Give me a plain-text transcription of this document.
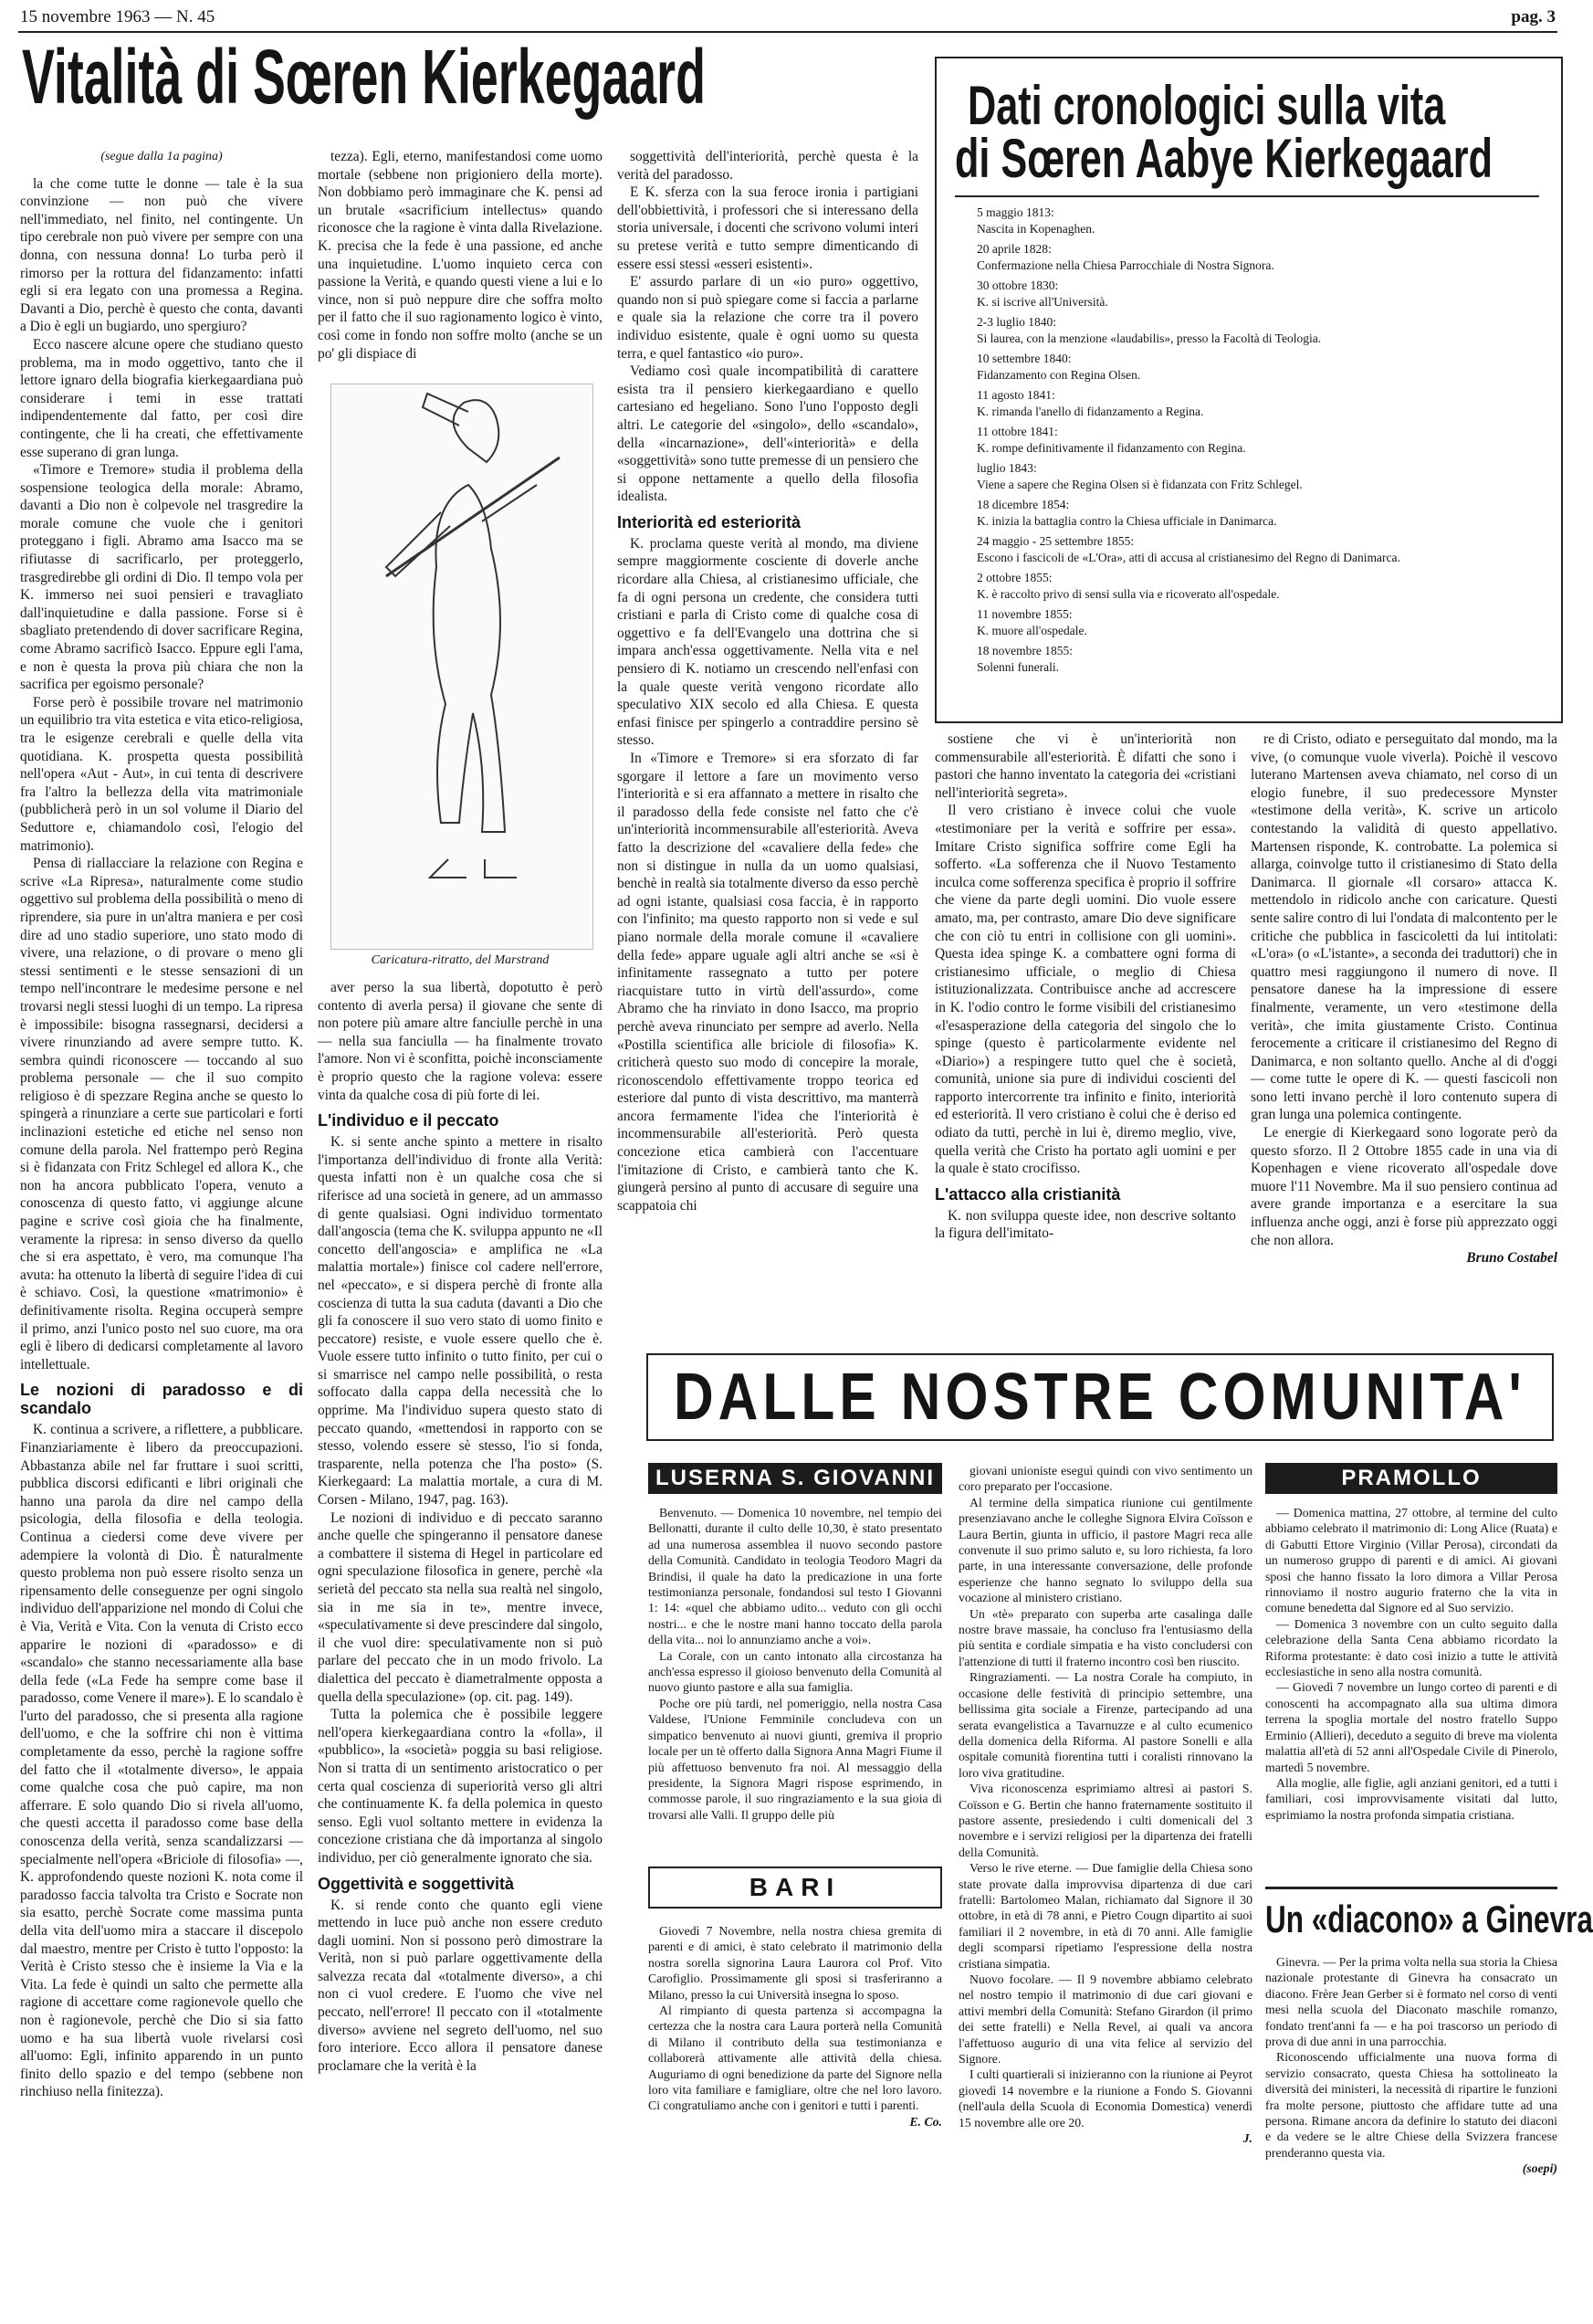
15 novembre 1963 — N. 45	pag. 3
Vitalità di Sœren Kierkegaard	Dati cronologici sulla vita
di Sœren Aabye Kierkegaard
5 maggio 1813:
Nascita in Kopenaghen.
20 aprile 1828:
Confermazione nella Chiesa Parrocchiale di Nostra Signora.
30 ottobre 1830:
K. si iscrive all'Università.
2-3 luglio 1840:
Si laurea, con la menzione «laudabilis», presso la Facoltà di Teologia.
10 settembre 1840:
Fidanzamento con Regina Olsen.
11 agosto 1841:
K. rimanda l'anello di fidanzamento a Regina.
11 ottobre 1841:
K. rompe definitivamente il fidanzamento con Regina.
luglio 1843:
Viene a sapere che Regina Olsen si è fidanzata con Fritz Schlegel.
18 dicembre 1854:
K. inizia la battaglia contro la Chiesa ufficiale in Danimarca.
24 maggio - 25 settembre 1855:
Escono i fascicoli de «L'Ora», atti di accusa al cristianesimo del Regno di Danimarca.
2 ottobre 1855:
K. è raccolto privo di sensi sulla via e ricoverato all'ospedale.
11 novembre 1855:
K. muore all'ospedale.
18 novembre 1855:
Solenni funerali.
(segue dalla 1a pagina)

la che come tutte le donne — tale è la sua convinzione — non può che vivere nell'immediato, nel finito, nel contingente. Un tipo cerebrale non può vivere per sempre con una donna, con nessuna donna! Lo turba però il rimorso per la rottura del fidanzamento: infatti egli si era legato con una promessa a Regina. Davanti a Dio, perchè è questo che conta, davanti a Dio è egli un bugiardo, uno spergiuro?

Ecco nascere alcune opere che studiano questo problema, ma in modo oggettivo, tanto che il lettore ignaro della biografia kierkegaardiana può considerare i temi in esse trattati indipendentemente dal fatto, per così dire contingente, che li ha creati, che effettivamente esse superano di gran lunga.

«Timore e Tremore» studia il problema della sospensione teologica della morale: Abramo, davanti a Dio non è colpevole nel trasgredire la morale comune che vuole che i genitori proteggano i figli. Abramo ama Isacco ma se rifiutasse di sacrificarlo, per proteggerlo, trasgredirebbe gli ordini di Dio. Il tempo vola per K. immerso nei suoi pensieri e travagliato dall'inquietudine e dalla passione. Forse si è sbagliato pretendendo di dover sacrificare Regina, come Abramo sacrificò Isacco. Eppure egli l'ama, e non è questa la prova più chiara che non la sacrifica per egoismo personale?

Forse però è possibile trovare nel matrimonio un equilibrio tra vita estetica e vita etico-religiosa, tra le esigenze cerebrali e quelle della vita quotidiana. K. prospetta questa possibilità nell'opera «Aut - Aut», in cui tenta di descrivere fra l'altro la bellezza della vita matrimoniale (pubblicherà però in un sol volume il Diario del Seduttore e, chiamandolo così, l'elogio del matrimonio).

Pensa di riallacciare la relazione con Regina e scrive «La Ripresa», naturalmente come studio oggettivo sul problema della possibilità o meno di riprendere, sia pure in un'altra maniera e per così dire ad uno stadio superiore, uno stato modo di vivere, una relazione, o di provare o meno gli stessi sentimenti e le stesse sensazioni di un tempo nell'incontrare le medesime persone e nel trovarsi negli stessi luoghi di un tempo. La ripresa è impossibile: bisogna rassegnarsi, decidersi a vivere rinunziando ad avere sempre tutto. K. sembra quindi riconoscere — toccando al suo problema personale — che il suo compito religioso è di spezzare Regina anche se questo lo spingerà a rinunziare a certe sue particolari e forti inclinazioni estetiche ed etiche nel senso non comune della parola. Nel frattempo però Regina si è fidanzata con Fritz Schlegel ed allora K., che non ha ancora pubblicato l'opera, venuto a conoscenza di questo fatto, vi aggiunge alcune pagine e scrive così gioia che ha finalmente, veramente la ripresa: in senso diverso da quello che si era aspettato, è vero, ma comunque l'ha avuta: ha ottenuto la libertà di seguire l'idea di cui è schiavo. Così, la questione «matrimonio» è definitivamente risolta. Regina occuperà sempre il primo, anzi l'unico posto nel suo cuore, ma ora egli è libero di dedicarsi completamente al lavoro intellettuale.

Le nozioni di paradosso e di scandalo

K. continua a scrivere, a riflettere, a pubblicare. Finanziariamente è libero da preoccupazioni. Abbastanza abile nel far fruttare i suoi scritti, pubblica discorsi edificanti e libri originali che hanno una parola da dire nel campo della psicologia, della filosofia e della teologia. Continua a ciedersi come deve vivere per adempiere la volontà di Dio. È naturalmente questo problema non può essere risolto senza un ripensamento delle conseguenze per ogni singolo individuo dell'apparizione nel mondo di Colui che è Via, Verità e Vita. Con la venuta di Cristo ecco apparire le nozioni di «paradosso» e di «scandalo» che stanno necessariamente alla base della fede («La Fede ha sempre come base il paradosso, come Venere il mare»). E lo scandalo è l'urto del paradosso, che si presenta alla ragione dell'uomo, e che la soffrire chi non è vittima completamente da esso, perchè la ragione soffre del fatto che il «totalmente diverso», le appaia come qualche cosa che può capire, ma non afferrare. E solo quando Dio si rivela all'uomo, che questi accetta il paradosso come base della conoscenza della verità, senza scandalizzarsi — specialmente nell'opera «Briciole di filosofia» —, K. approfondendo queste nozioni K. nota come il paradosso faccia talvolta tra Cristo e Socrate non sia esatto, perchè Socrate come massima punta della vita dell'uomo mira a staccare il discepolo dal maestro, mentre per Cristo è tutto l'opposto: la Verità è Cristo stesso che è insieme la Via e la Vita. La fede è quindi un salto che permette alla ragione di accettare come ragionevole quello che non è ragionevole, perchè che Dio si sia fatto uomo e ha sua libertà vuole rivelarsi così all'uomo: Egli, infinito apparendo in un punto finito dello spazio e del tempo (sebbene non rinchiuso nella finitezza).

tezza). Egli, eterno, manifestandosi come uomo mortale (sebbene non prigioniero della morte). Non dobbiamo però immaginare che K. pensi ad un brutale «sacrificium intellectus» quando riconosce che la ragione è vinta dalla Rivelazione. K. precisa che la fede è una passione, ed anche una inquietudine. L'uomo inquieto cerca con passione la Verità, e quando questi viene a lui e lo vince, non si può neppure dire che soffra molto per il fatto che il suo ragionamento logico è vinto, così come in fondo non soffre molto (anche se un po' gli dispiace di

Caricatura-ritratto, del Marstrand

aver perso la sua libertà, dopotutto è però contento di averla persa) il giovane che sente di non potere più amare altre fanciulle perchè in una — nella sua fanciulla — ha finalmente trovato l'amore. Non vi è sconfitta, poichè inconsciamente è proprio questo che la ragione voleva: essere vinta da qualche cosa di più forte di lei.

L'individuo e il peccato

K. si sente anche spinto a mettere in risalto l'importanza dell'individuo di fronte alla Verità: questa infatti non è un qualche cosa che si riferisce ad una società in genere, ad un ammasso di gente qualsiasi. Ogni individuo tormentato dall'angoscia (tema che K. sviluppa appunto ne «Il concetto dell'angoscia» e amplifica ne «La malattia mortale») finisce col cadere nell'errore, nel «peccato», e si dispera perchè di fronte alla coscienza di tutta la sua caduta (davanti a Dio che gli fa conoscere il suo vero stato di uomo finito e peccatore) resiste, e vuole essere quello che è. Vuole essere tutto infinito o tutto finito, per cui o si smarrisce nel campo nelle possibilità, o resta soffocato dalla cappa della necessità che lo opprime. Ma l'individuo supera questo stato di peccato quando, «mettendosi in rapporto con se stesso, volendo essere sè stesso, l'io si fonda, trasparente, nella potenza che l'ha posto» (S. Kierkegaard: La malattia mortale, a cura di M. Corsen - Milano, 1947, pag. 163).

Le nozioni di individuo e di peccato saranno anche quelle che spingeranno il pensatore danese a combattere il sistema di Hegel in particolare ed ogni speculazione filosofica in genere, perchè «la serietà del peccato sta nella sua realtà nel singolo, sia in me sia in te», mentre invece, «speculativamente si deve prescindere dal singolo, il che vuol dire: speculativamente non si può parlare del peccato che in un modo frivolo. La dialettica del peccato è diametralmente opposta a quella della speculazione» (op. cit. pag. 149).

Tutta la polemica che è possibile leggere nell'opera kierkegaardiana contro la «folla», il «pubblico», la «società» poggia su basi religiose. Non si tratta di un sentimento aristocratico o per certa qual coscienza di superiorità verso gli altri che continuamente K. fa della polemica in questo senso. Egli vuol soltanto mettere in evidenza la concezione cristiana che dà importanza al singolo individuo, per ciò generalmente ignorato che sia.

Oggettività e soggettività

K. si rende conto che quanto egli viene mettendo in luce può anche non essere creduto dagli uomini. Non si possono però dimostrare la Verità, non si può parlare oggettivamente della salvezza recata dal «totalmente diverso», a chi non ci vuol credere. E l'uomo che vive nel peccato, nell'errore! Il peccato con il «totalmente diverso» avviene nel segreto dell'uomo, nel suo foro interiore. Ecco allora il pensatore danese proclamare che la verità è la

soggettività dell'interiorità, perchè questa è la verità del paradosso.

E K. sferza con la sua feroce ironia i partigiani dell'obbiettività, i professori che si interessano della storia universale, i docenti che scrivono volumi interi su pretese verità e tutto sempre dimenticando di essere essi stessi «esseri esistenti».

E' assurdo parlare di un «io puro» oggettivo, quando non si può spiegare come si faccia a parlarne e quale sia la relazione che corre tra il povero individuo esistente, quale è ogni uomo su questa terra, e quel fantastico «io puro».

Vediamo così quale incompatibilità di carattere esista tra il pensiero kierkegaardiano e quello cartesiano ed hegeliano. Sono l'uno l'opposto degli altri. Le categorie del «singolo», dello «scandalo», della «incarnazione», dell'«interiorità» e della «soggettività» sono tutte premesse di un pensiero che si oppone nettamente a quello della filosofia idealista.

Interiorità ed esteriorità

K. proclama queste verità al mondo, ma diviene sempre maggiormente cosciente di doverle anche ricordare alla Chiesa, al cristianesimo ufficiale, che fa di ogni persona un credente, che considera tutti cristiani e parla di Cristo come di qualche cosa di oggettivo e fa dell'Evangelo una dottrina che si impara anch'essa oggettivamente. Nella vita e nel pensiero di K. notiamo un crescendo nell'enfasi con la quale queste verità vengono ricordate allo speculativo XIX secolo ed alla Chiesa. E questa enfasi finisce per spingerlo a contraddire persino sè stesso.

In «Timore e Tremore» si era sforzato di far sgorgare il lettore a fare un movimento verso l'interiorità e si era affannato a mettere in risalto che il paradosso della fede consiste nel fatto che c'è un'interiorità incommensurabile all'esteriorità. Aveva fatto la descrizione del «cavaliere della fede» che non si distingue in nulla da un uomo qualsiasi, benchè in realtà sia totalmente diverso da esso perchè ad ogni istante, qualsiasi cosa faccia, è in rapporto con l'infinito; ma questo rapporto non si vede e sul piano normale della morale comune il «cavaliere della fede» appare uguale agli altri anche se «si è infinitamente rassegnato a tutto per potere riacquistare tutto in virtù dell'assurdo», come Abramo che ha rinviato in dono Isacco, ma proprio perchè aveva rinunciato per sempre ad averlo. Nella «Postilla scientifica alle briciole di filosofia» K. criticherà questo suo modo di concepire la morale, riconoscendolo effettivamente troppo teorica ed esteriore dal punto di vista descrittivo, ma manterrà ancora fermamente l'idea che l'interiorità è incommensurabile all'esteriorità. Però questa concezione etica cambierà con l'accentuare l'imitazione di Cristo, e cambierà tanto che K. giungerà persino al punto di accusare di seguire una scappatoia chi

sostiene che vi è un'interiorità non commensurabile all'esteriorità. È difatti che sono i pastori che hanno inventato la categoria dei «cristiani nell'interiorità segreta».

Il vero cristiano è invece colui che vuole «testimoniare per la verità e soffrire per essa». Imitare Cristo significa soffrire come Egli ha sofferto. «La sofferenza che il Nuovo Testamento inculca come sofferenza specifica è proprio il soffrire che viene da parte degli uomini. Dio vuole essere amato, ma, per contrasto, amare Dio deve significare che con ciò tu entri in collisione con gli uomini». Questa idea spinge K. a combattere ogni forma di cristianesimo ufficiale, o meglio di Chiesa istituzionalizzata. Contribuisce anche ad accrescere in K. l'odio contro le forme visibili del cristianesimo «l'esasperazione della categoria del singolo che lo spinge (questo è particolarmente evidente nel «Diario») a respingere tutto quel che è società, comunità, unione sia pure di individui coscienti del rapporto intercorrente tra infinito e finito, interiorità ed esteriorità. Il vero cristiano è colui che è deriso ed odiato da tutti, perchè in lui è, diremo meglio, vive, quella verità che Cristo ha portato agli uomini e per la quale è stato crocifisso.

L'attacco alla cristianità

K. non sviluppa queste idee, non descrive soltanto la figura dell'imitato-

re di Cristo, odiato e perseguitato dal mondo, ma la vive, (o comunque vuole viverla). Poichè il vescovo luterano Martensen aveva chiamato, nel corso di un elogio funebre, il suo predecessore Mynster «testimone della verità», K. scrive un articolo contestando la validità di questo appellativo. Martensen risponde, K. controbatte. La polemica si allarga, coinvolge tutto il cristianesimo di Stato della Danimarca. Il giornale «Il corsaro» attacca K. mettendolo in ridicolo anche con caricature. Questi sente salire contro di lui l'ondata di malcontento per le critiche che pubblica in fascicoletti da lui intitolati: «L'ora» (o «L'istante», a seconda dei traduttori) che in quattro mesi raggiungono il numero di nove. Il pensatore danese ha la impressione di essere finalmente, veramente, un vero «testimone della verità», che imita giustamente Cristo. Continua ferocemente a criticare il cristianesimo del Regno di Danimarca, e non soltanto quello. Anche al di d'oggi — come tutte le opere di K. — questi fascicoli non sono letti invano perchè il loro contenuto supera di gran lunga una polemica contingente.

Le energie di Kierkegaard sono logorate però da questo sforzo. Il 2 Ottobre 1855 cade in una via di Kopenhagen e viene ricoverato all'ospedale dove muore l'11 Novembre. Ma il suo pensiero continua ad avere grande importanza e a esercitare la sua influenza anche oggi, anzi è forse più apprezzato oggi che non allora.

Bruno Costabel
DALLE NOSTRE COMUNITA'
LUSERNA S. GIOVANNI

Benvenuto. — Domenica 10 novembre, nel tempio dei Bellonatti, durante il culto delle 10,30, è stato presentato ad una numerosa assemblea il nuovo secondo pastore della Comunità. Candidato in teologia Teodoro Magri da Brindisi, il quale ha dato la predicazione in una forte testimonianza personale, fondandosi sul testo I Giovanni 1: 14: «quel che abbiamo udito... veduto con gli occhi nostri... e che le nostre mani hanno toccato della parola della vita... noi lo annunziamo anche a voi».

La Corale, con un canto intonato alla circostanza ha anch'essa espresso il gioioso benvenuto della Comunità al nuovo giunto pastore e alla sua famiglia.

Poche ore più tardi, nel pomeriggio, nella nostra Casa Valdese, l'Unione Femminile concludeva con un simpatico benvenuto ai nuovi giunti, gremiva il proprio locale per un tè offerto dalla Signora Anna Magri Fiume il più affettuoso benvenuto fra noi. Al messaggio della presidente, la Signora Magri rispose esprimendo, in commosse parole, il suo ringraziamento e la sua gioia di trovarsi alle Valli. Il gruppo delle più

BARI

Giovedì 7 Novembre, nella nostra chiesa gremita di parenti e di amici, è stato celebrato il matrimonio della nostra sorella signorina Laura Laurora col Prof. Vito Carofiglio. Prossimamente gli sposi si trasferiranno a Milano, presso la cui Università insegna lo sposo.

Al rimpianto di questa partenza si accompagna la certezza che la nostra cara Laura porterà nella Comunità di Milano il contributo della sua testimonianza e collaborerà attivamente alle attività della chiesa. Auguriamo di ogni benedizione da parte del Signore nella loro vita familiare e famigliare, oltre che nel loro lavoro. Ci congratuliamo anche con i genitori e tutti i parenti.

E. Co.

giovani unioniste eseguì quindi con vivo sentimento un coro preparato per l'occasione.

Al termine della simpatica riunione cui gentilmente presenziavano anche le colleghe Signora Elvira Coïsson e Laura Bertin, giunta in ufficio, il pastore Magri reca alle convenute il suo primo saluto e, su loro richiesta, fa loro parte, in una interessante conversazione, delle profonde esperienze che hanno segnato lo sviluppo della sua vocazione al ministero cristiano.

Un «tè» preparato con superba arte casalinga dalle nostre brave massaie, ha concluso fra l'entusiasmo della più sentita e cordiale simpatia e ha visto concludersi con l'attenzione di tutti il fraterno incontro così ben riuscito.

Ringraziamenti. — La nostra Corale ha compiuto, in occasione delle festività di principio settembre, una bellissima gita sociale a Firenze, partecipando ad una serata evangelistica a Tavarnuzze e al culto ecumenico della domenica della Riforma. Al pastore Sonelli e alla ospitale comunità fiorentina tutti i coralisti rinnovano la loro viva gratitudine.

Viva riconoscenza esprimiamo altresì ai pastori S. Coïsson e G. Bertin che hanno fraternamente sostituito il pastore assente, presiedendo i culti domenicali del 3 novembre e i servizi religiosi per la dipartenza dei fratelli della Comunità.

Verso le rive eterne. — Due famiglie della Chiesa sono state provate dalla improvvisa dipartenza di due cari fratelli: Bartolomeo Malan, richiamato dal Signore il 30 ottobre, in età di 78 anni, e Pietro Cougn dipartito ai suoi familiari il 2 novembre, in età di 70 anni. Alle famiglie degli scomparsi ripetiamo l'espressione della nostra cristiana simpatia.

Nuovo focolare. — Il 9 novembre abbiamo celebrato nel nostro tempio il matrimonio di due cari giovani e attivi membri della Comunità: Stefano Girardon (il primo dei sette fratelli) e Nella Revel, ai quali va ancora l'affettuoso augurio di una vita felice al servizio del Signore.

I culti quartierali si inizieranno con la riunione ai Peyrot giovedì 14 novembre e la riunione a Fondo S. Giovanni (nell'aula della Scuola di Economia Domestica) venerdì 15 novembre alle ore 20.

J.
PRAMOLLO

— Domenica mattina, 27 ottobre, al termine del culto abbiamo celebrato il matrimonio di: Long Alice (Ruata) e di Gabutti Ettore Virginio (Villar Perosa), circondati da un numeroso gruppo di parenti e di amici. Ai giovani sposi che hanno fissato la loro dimora a Villar Perosa rinnoviamo il nostro augurio fraterno che la vita in comune benedetta dal Signore ed al Suo servizio.

— Domenica 3 novembre con un culto seguito dalla celebrazione della Santa Cena abbiamo ricordato la Riforma protestante: è dato così inizio a tutte le attività ecclesiastiche in seno alla nostra comunità.

— Giovedì 7 novembre un lungo corteo di parenti e di conoscenti ha accompagnato alla sua ultima dimora terrena la spoglia mortale del nostro fratello Suppo Erminio (Allieri), deceduto a seguito di breve ma violenta malattia all'età di 52 anni all'Ospedale Civile di Pinerolo, martedì 5 novembre.

Alla moglie, alle figlie, agli anziani genitori, ed a tutti i familiari, così improvvisamente visitati dal lutto, esprimiamo la nostra profonda simpatia cristiana.

Un «diacono» a Ginevra

Ginevra. — Per la prima volta nella sua storia la Chiesa nazionale protestante di Ginevra ha consacrato un diacono. Frère Jean Gerber si è formato nel corso di venti mesi nella scuola del Diaconato maschile romanzo, fondato trent'anni fa — e ha poi trascorso un periodo di prova di due anni in una parrocchia.

Riconoscendo ufficialmente una nuova forma di servizio consacrato, questa Chiesa ha sottolineato la diversità dei ministeri, la necessità di ripartire le funzioni fra molte persone, piuttosto che affidare tutte ad una persona. Rimane ancora da definire lo statuto dei diaconi e da vedere se le altre Chiese della Svizzera francese prenderanno questa via.

(soepi)
